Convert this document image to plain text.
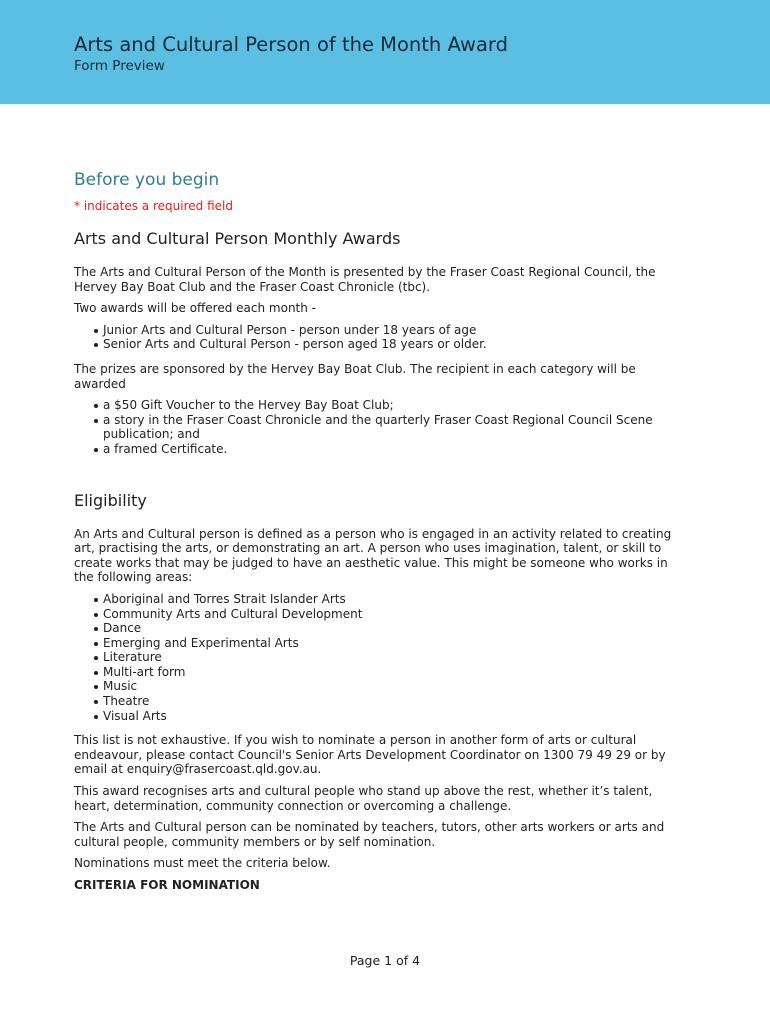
Arts and Cultural Person of the Month Award
Form Preview
Before you begin
* indicates a required field
Arts and Cultural Person Monthly Awards

The Arts and Cultural Person of the Month is presented by the Fraser Coast Regional Council, the Hervey Bay Boat Club and the Fraser Coast Chronicle (tbc).

Two awards will be offered each month -

Junior Arts and Cultural Person - person under 18 years of age
Senior Arts and Cultural Person - person aged 18 years or older.

The prizes are sponsored by the Hervey Bay Boat Club. The recipient in each category will be awarded

a $50 Gift Voucher to the Hervey Bay Boat Club;
a story in the Fraser Coast Chronicle and the quarterly Fraser Coast Regional Council Scene publication; and
a framed Certificate.
Eligibility

An Arts and Cultural person is defined as a person who is engaged in an activity related to creating art, practising the arts, or demonstrating an art. A person who uses imagination, talent, or skill to create works that may be judged to have an aesthetic value. This might be someone who works in the following areas:

Aboriginal and Torres Strait Islander Arts
Community Arts and Cultural Development
Dance
Emerging and Experimental Arts
Literature
Multi-art form
Music
Theatre
Visual Arts

This list is not exhaustive. If you wish to nominate a person in another form of arts or cultural endeavour, please contact Council's Senior Arts Development Coordinator on 1300 79 49 29 or by email at enquiry@frasercoast.qld.gov.au.

This award recognises arts and cultural people who stand up above the rest, whether it’s talent, heart, determination, community connection or overcoming a challenge.

The Arts and Cultural person can be nominated by teachers, tutors, other arts workers or arts and cultural people, community members or by self nomination.

Nominations must meet the criteria below.

CRITERIA FOR NOMINATION
Page 1 of 4
